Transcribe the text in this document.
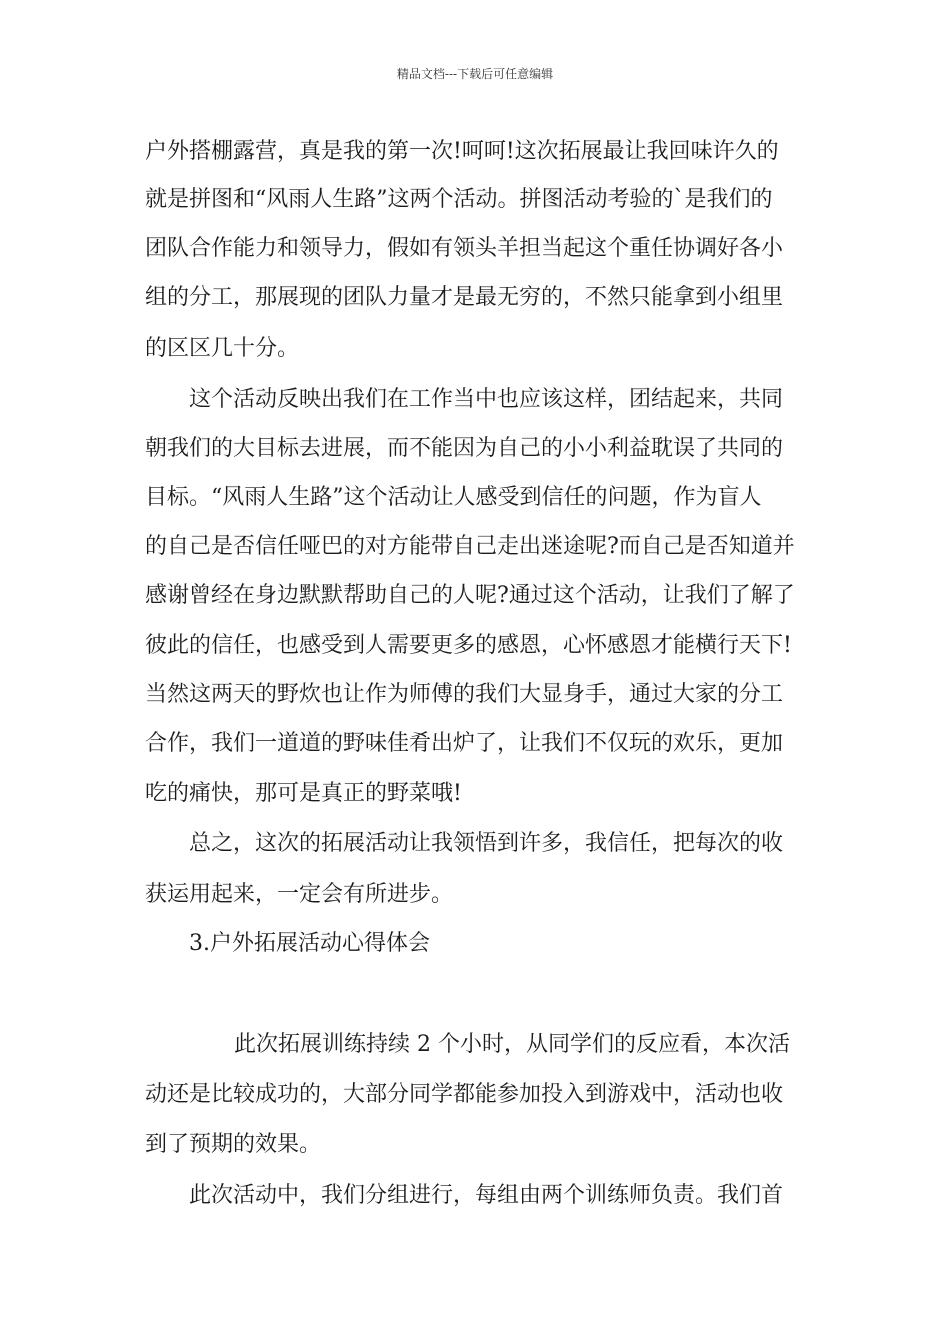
精品文档---下载后可任意编辑
户外搭棚露营，真是我的第一次!呵呵!这次拓展最让我回味许久的
就是拼图和“风雨人生路”这两个活动。拼图活动考验的`是我们的
团队合作能力和领导力，假如有领头羊担当起这个重任协调好各小
组的分工，那展现的团队力量才是最无穷的，不然只能拿到小组里
的区区几十分。
这个活动反映出我们在工作当中也应该这样，团结起来，共同
朝我们的大目标去进展，而不能因为自己的小小利益耽误了共同的
目标。“风雨人生路”这个活动让人感受到信任的问题，作为盲人
的自己是否信任哑巴的对方能带自己走出迷途呢?而自己是否知道并
感谢曾经在身边默默帮助自己的人呢?通过这个活动，让我们了解了
彼此的信任，也感受到人需要更多的感恩，心怀感恩才能横行天下!
当然这两天的野炊也让作为师傅的我们大显身手，通过大家的分工
合作，我们一道道的野味佳肴出炉了，让我们不仅玩的欢乐，更加
吃的痛快，那可是真正的野菜哦!
总之，这次的拓展活动让我领悟到许多，我信任，把每次的收
获运用起来，一定会有所进步。
3.户外拓展活动心得体会
此次拓展训练持续 2 个小时，从同学们的反应看，本次活
动还是比较成功的，大部分同学都能参加投入到游戏中，活动也收
到了预期的效果。
此次活动中，我们分组进行，每组由两个训练师负责。我们首
